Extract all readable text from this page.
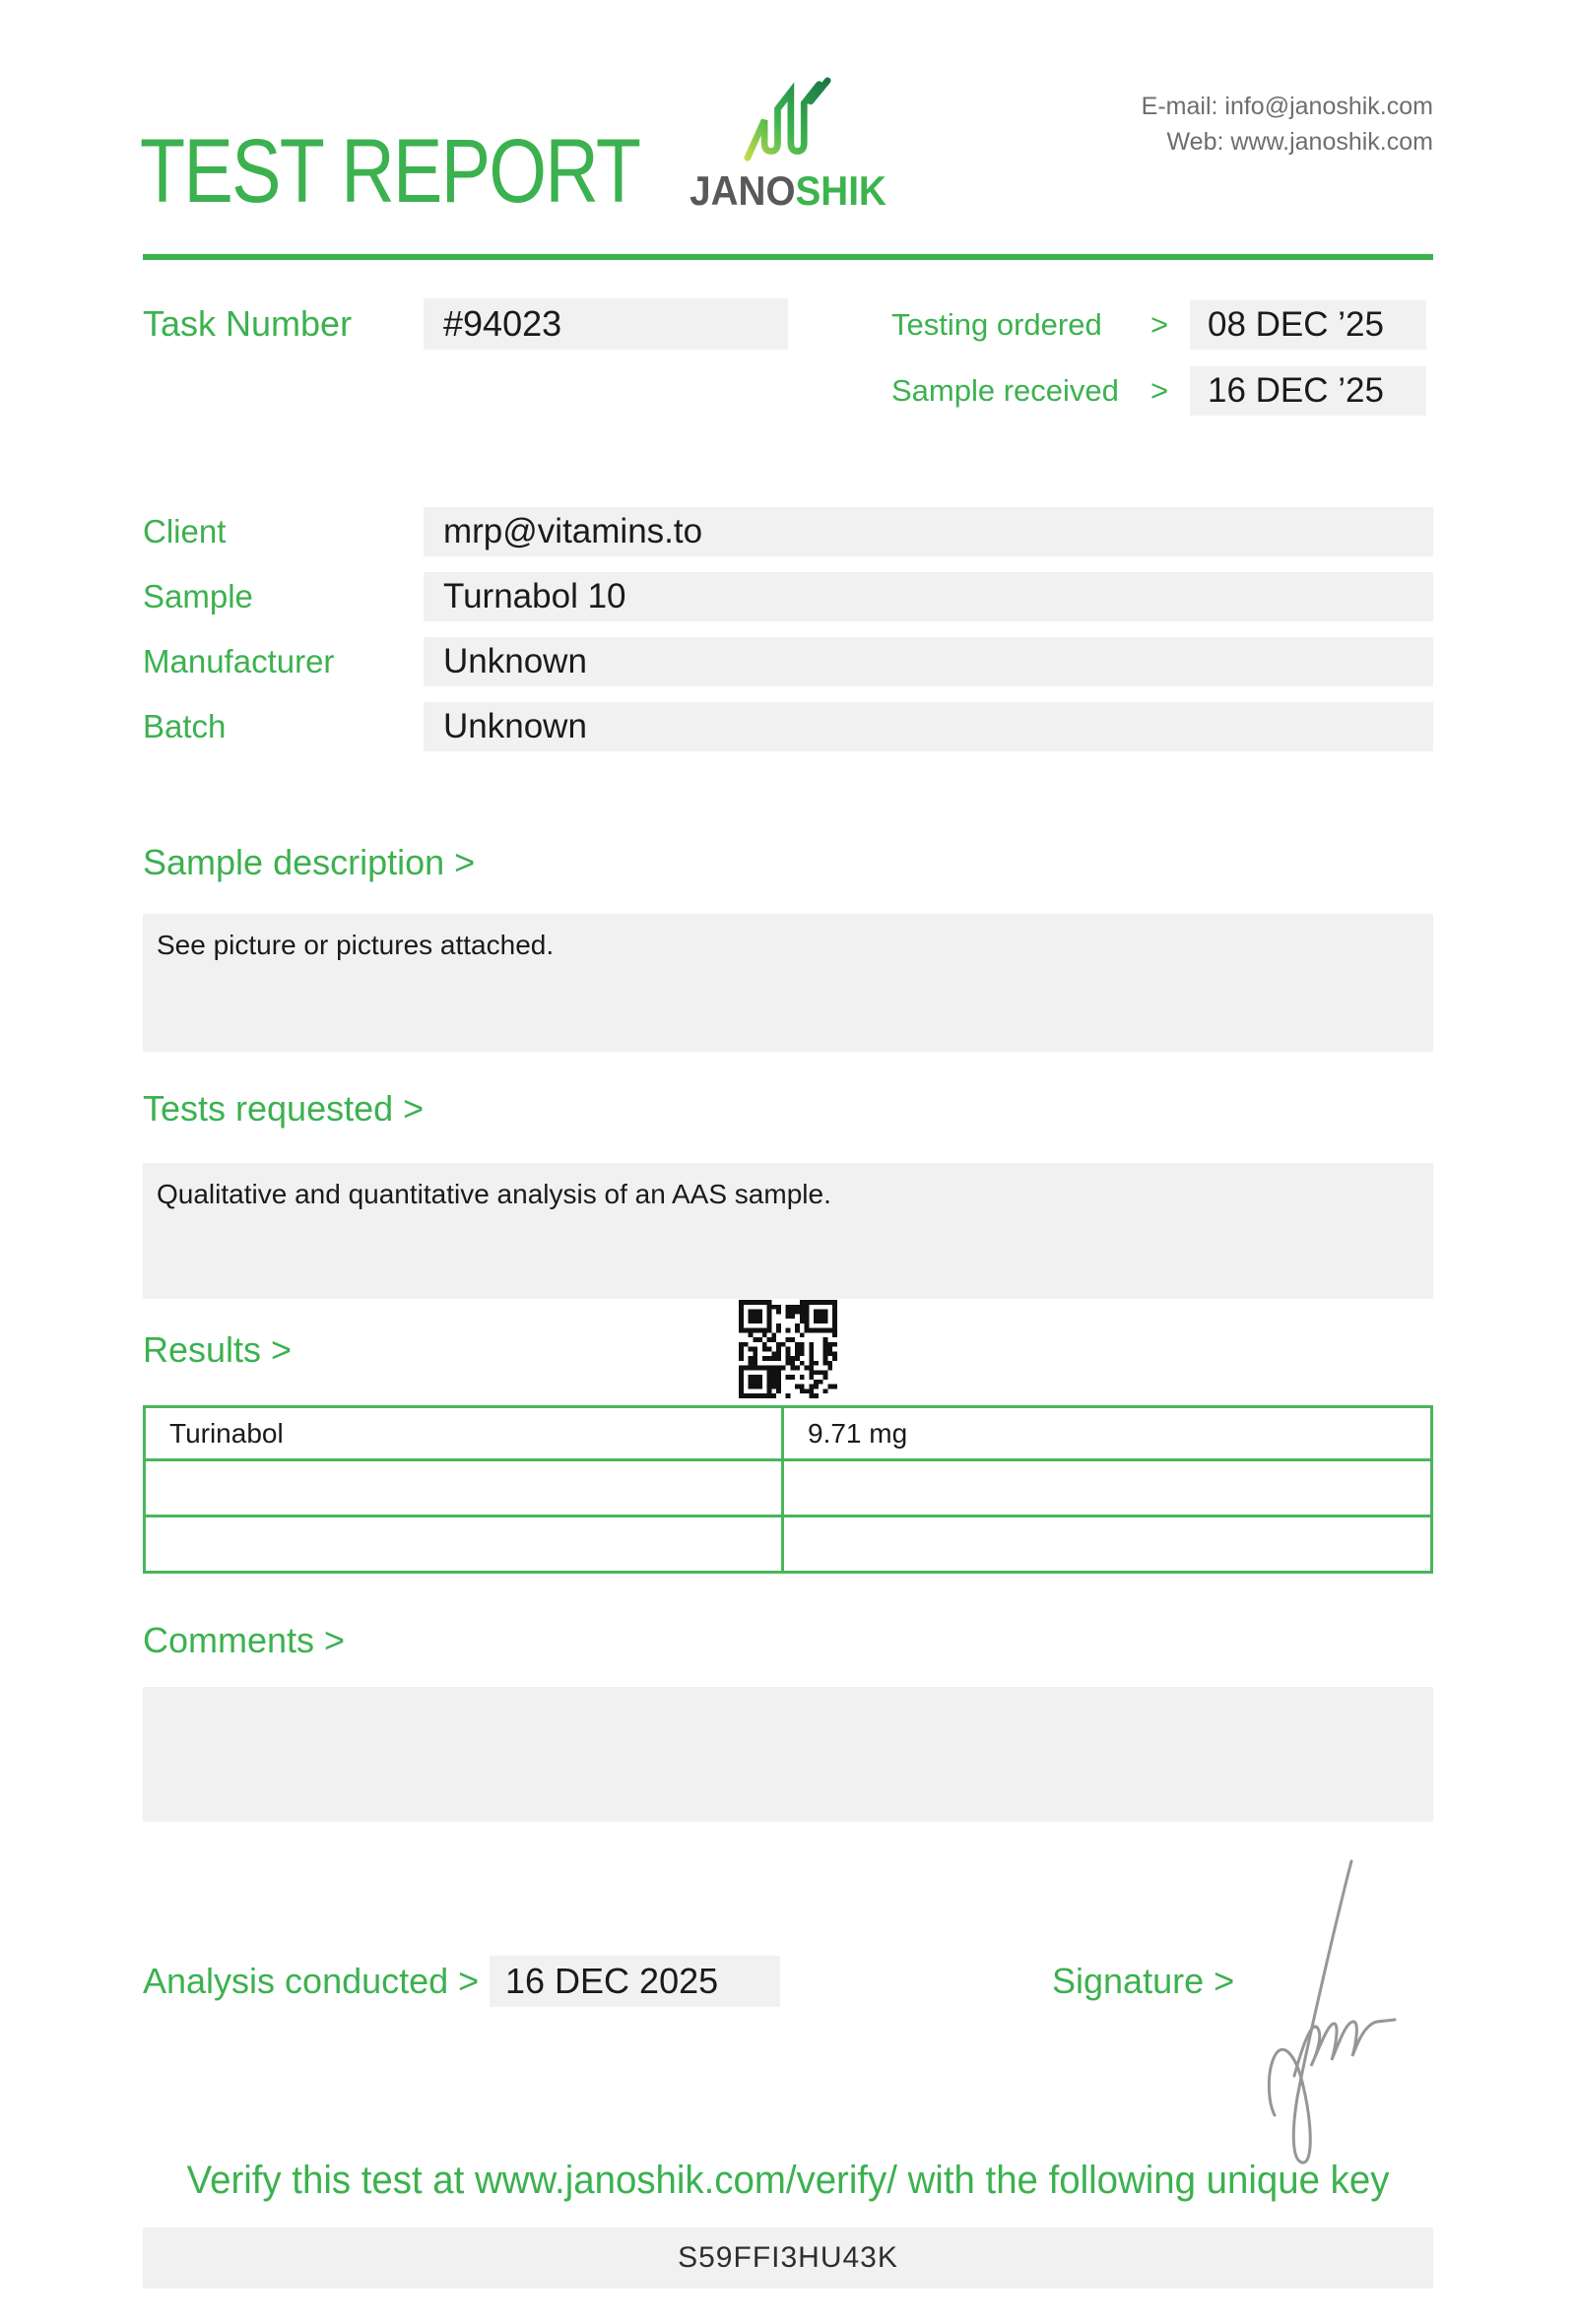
TEST REPORT JANOSHIK
E-mail: info@janoshik.com
Web: www.janoshik.com
Task Number	#94023	Testing ordered >	08 DEC ’25
Sample received >	16 DEC ’25
Client	mrp@vitamins.to
Sample	Turnabol 10
Manufacturer	Unknown
Batch	Unknown
Sample description >
See picture or pictures attached.
Tests requested >
Qualitative and quantitative analysis of an AAS sample.
Results >
Turinabol	9.71 mg

Comments >
Analysis conducted > 16 DEC 2025	Signature >
Verify this test at www.janoshik.com/verify/ with the following unique key
S59FFI3HU43K
